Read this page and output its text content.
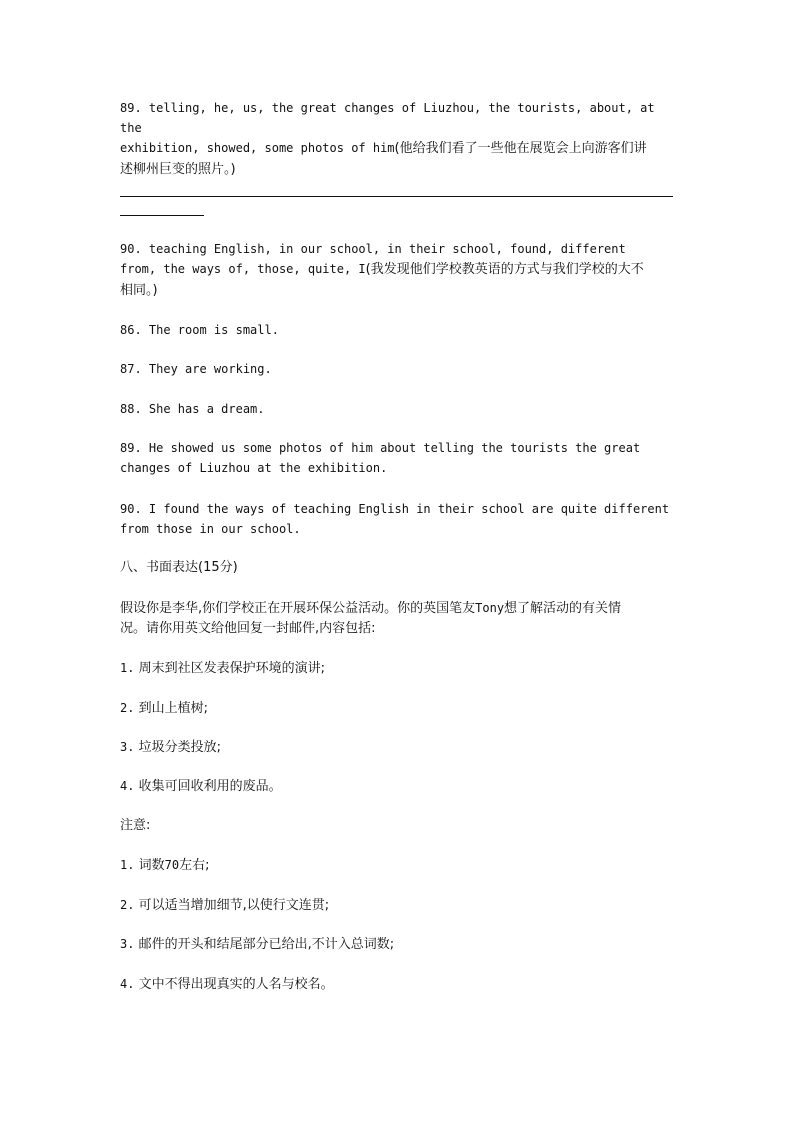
89. telling, he, us, the great changes of Liuzhou, the tourists, about, at the
exhibition, showed, some photos of him(他给我们看了一些他在展览会上向游客们讲
述柳州巨变的照片。)

90. teaching English, in our school, in their school, found, different
from, the ways of, those, quite, I(我发现他们学校教英语的方式与我们学校的大不
相同。)

86. The room is small.

87. They are working.

88. She has a dream.

89. He showed us some photos of him about telling the tourists the great
changes of Liuzhou at the exhibition.

90. I found the ways of teaching English in their school are quite different
from those in our school.

八、书面表达(15分)

假设你是李华,你们学校正在开展环保公益活动。你的英国笔友Tony想了解活动的有关情
况。请你用英文给他回复一封邮件,内容包括:

1. 周末到社区发表保护环境的演讲;

2. 到山上植树;

3. 垃圾分类投放;

4. 收集可回收利用的废品。

注意:

1. 词数70左右;

2. 可以适当增加细节,以使行文连贯;

3. 邮件的开头和结尾部分已给出,不计入总词数;

4. 文中不得出现真实的人名与校名。
